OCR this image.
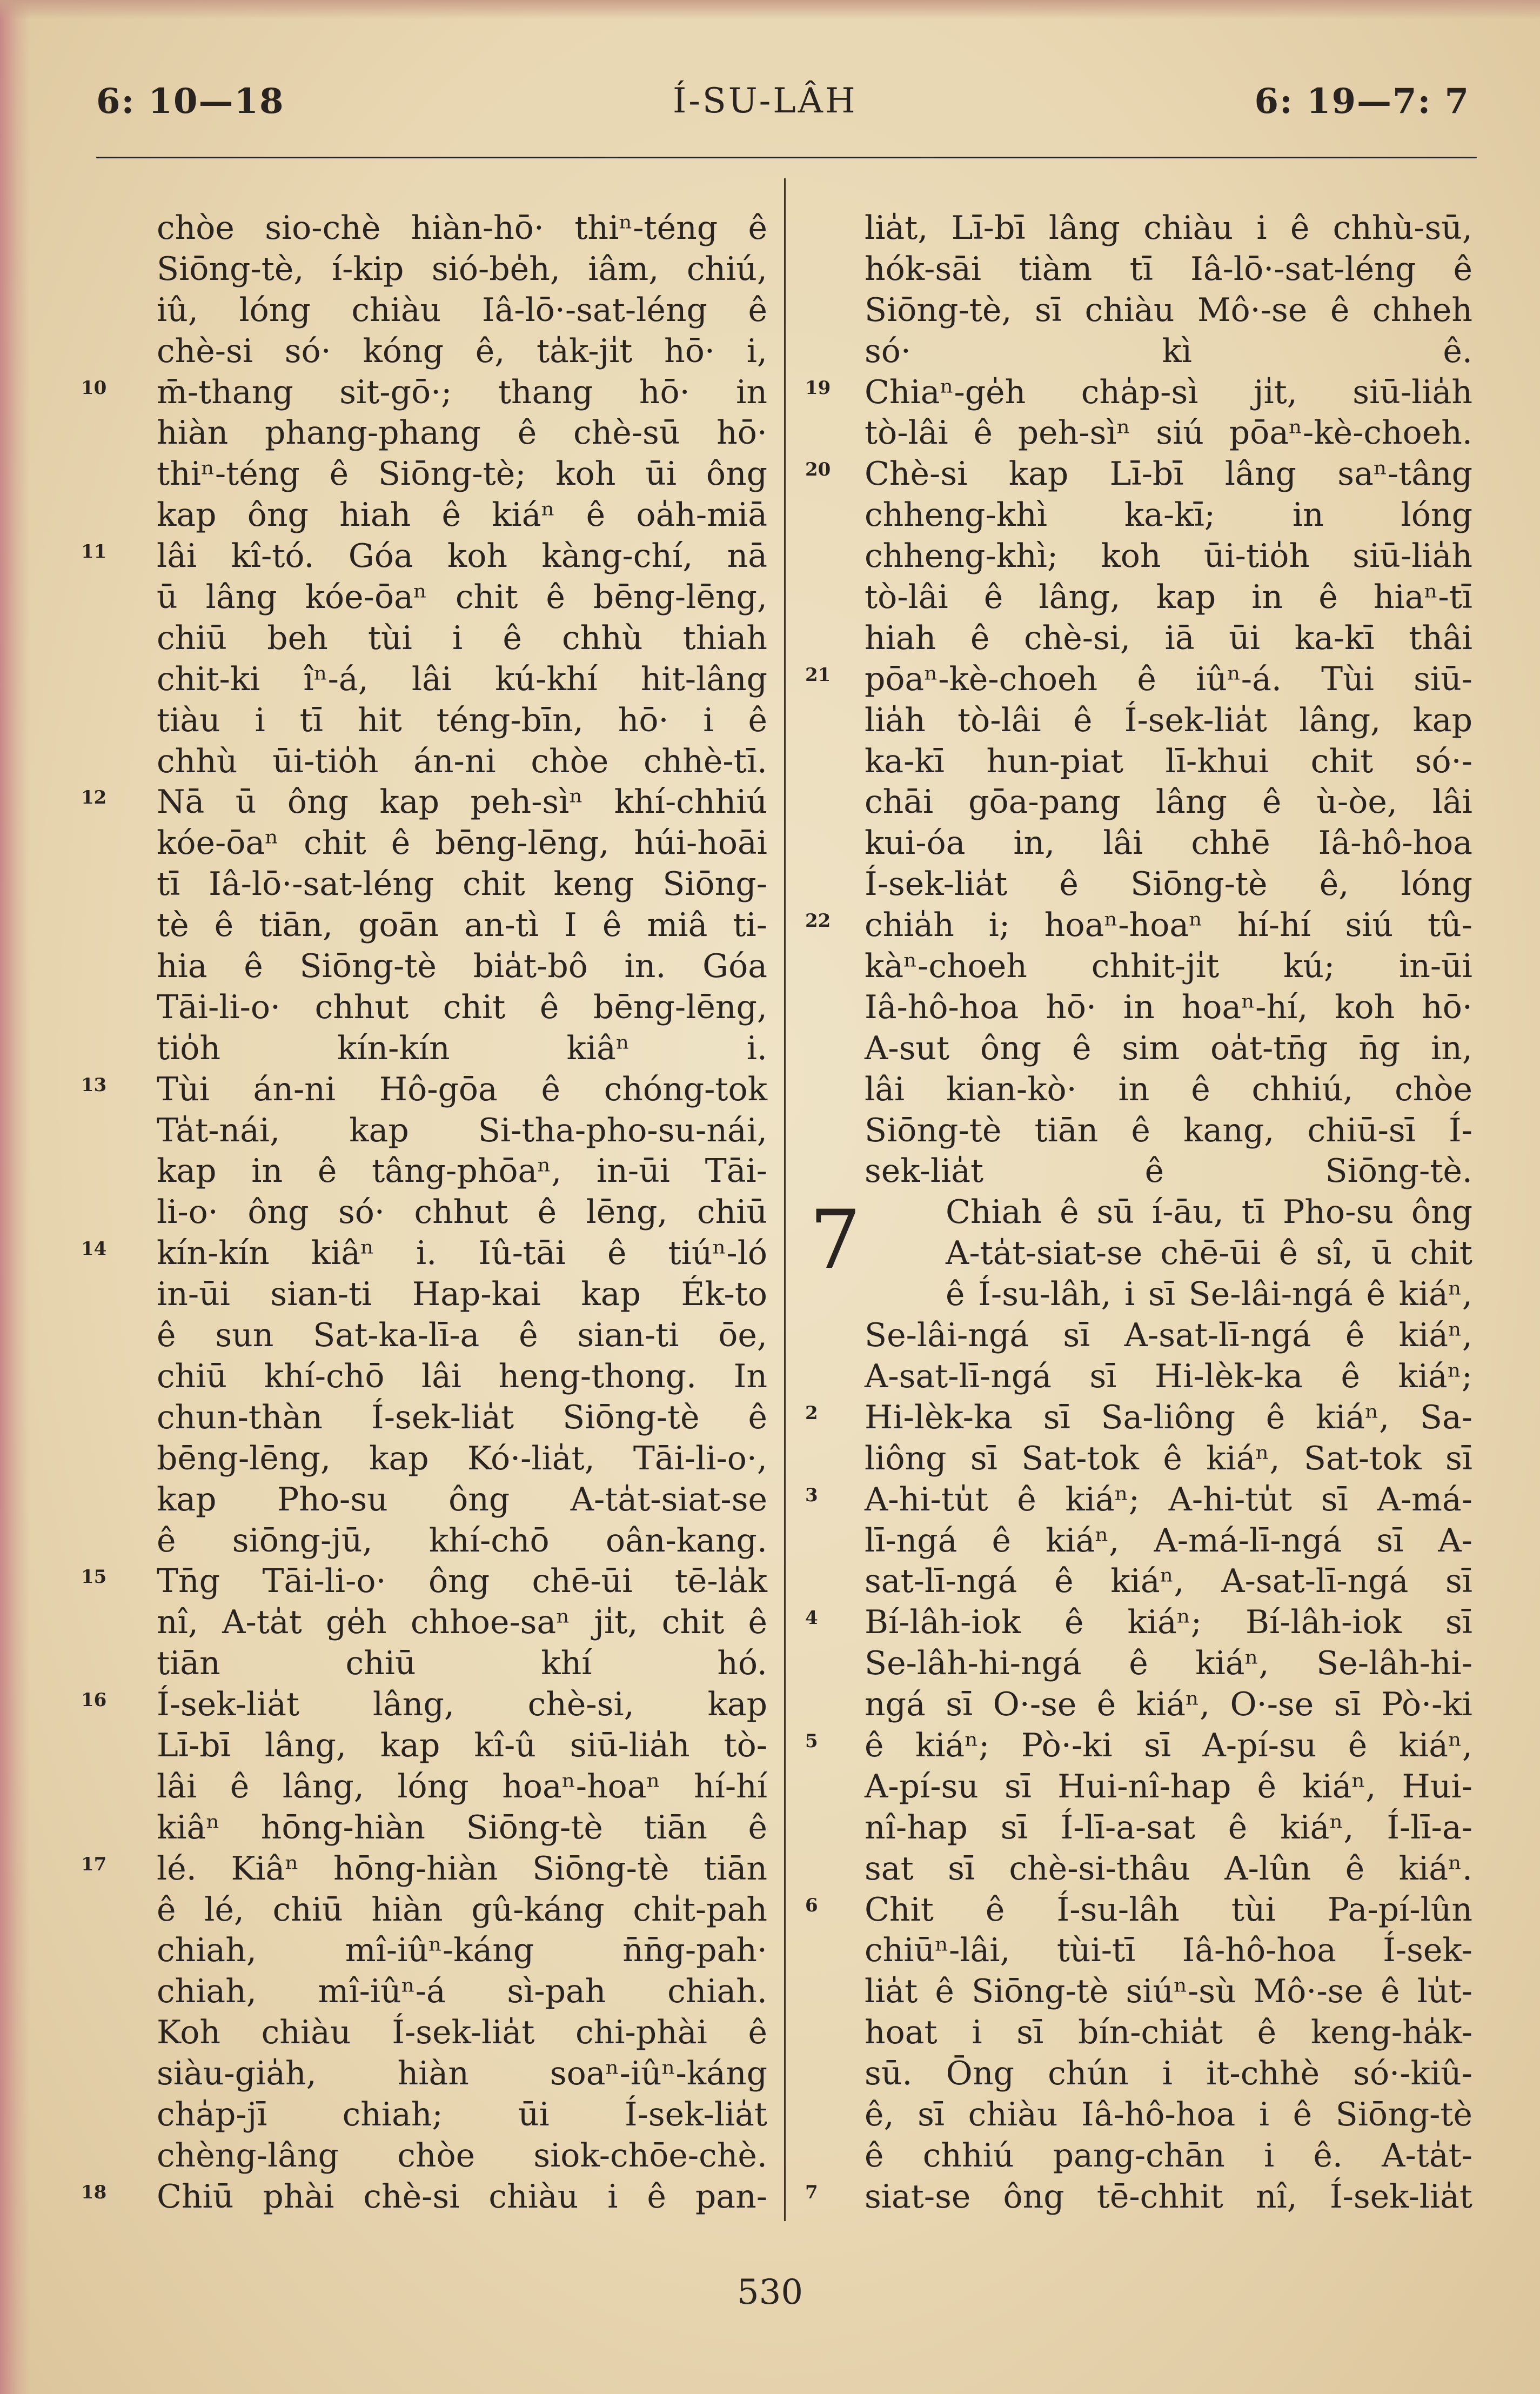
6: 10—18	Í-SU-LÂH	6: 19—7: 7
chòe sio-chè hiàn-hō· thiⁿ-téng ê
Siōng-tè, í-kip sió-be̍h, iâm, chiú,
iû, lóng chiàu Iâ-lō·-sat-léng ê
chè-si só· kóng ê, ta̍k-ji̍t hō· i,
10 m̄-thang sit-gō·; thang hō· in
hiàn phang-phang ê chè-sū hō·
thiⁿ-téng ê Siōng-tè; koh ūi ông
kap ông hiah ê kiáⁿ ê oa̍h-miā
11 lâi kî-tó. Góa koh kàng-chí, nā
ū lâng kóe-ōaⁿ chit ê bēng-lēng,
chiū beh tùi i ê chhù thiah
chit-ki îⁿ-á, lâi kú-khí hit-lâng
tiàu i tī hit téng-bīn, hō· i ê
chhù ūi-tio̍h án-ni chòe chhè-tī.
12 Nā ū ông kap peh-sìⁿ khí-chhiú
kóe-ōaⁿ chit ê bēng-lēng, húi-hoāi
tī Iâ-lō·-sat-léng chit keng Siōng-
tè ê tiān, goān an-tì I ê miâ ti-
hia ê Siōng-tè bia̍t-bô in. Góa
Tāi-li-o· chhut chit ê bēng-lēng,
tio̍h kín-kín kiâⁿ i.
13 Tùi án-ni Hô-gōa ê chóng-tok
Ta̍t-nái, kap Si-tha-pho-su-nái,
kap in ê tâng-phōaⁿ, in-ūi Tāi-
li-o· ông só· chhut ê lēng, chiū
14 kín-kín kiâⁿ i. Iû-tāi ê tiúⁿ-ló
in-ūi sian-ti Hap-kai kap Ék-to
ê sun Sat-ka-lī-a ê sian-ti ōe,
chiū khí-chō lâi heng-thong. In
chun-thàn Í-sek-lia̍t Siōng-tè ê
bēng-lēng, kap Kó·-lia̍t, Tāi-li-o·,
kap Pho-su ông A-ta̍t-siat-se
ê siōng-jū, khí-chō oân-kang.
15 Tn̄g Tāi-li-o· ông chē-ūi tē-la̍k
nî, A-ta̍t ge̍h chhoe-saⁿ ji̍t, chit ê
tiān chiū khí hó.
16 Í-sek-lia̍t lâng, chè-si, kap
Lī-bī lâng, kap kî-û siū-lia̍h tò-
lâi ê lâng, lóng hoaⁿ-hoaⁿ hí-hí
kiâⁿ hōng-hiàn Siōng-tè tiān ê
17 lé. Kiâⁿ hōng-hiàn Siōng-tè tiān
ê lé, chiū hiàn gû-káng chi̍t-pah
chiah, mî-iûⁿ-káng n̄n̄g-pah·
chiah, mî-iûⁿ-á sì-pah chiah.
Koh chiàu Í-sek-lia̍t chi-phài ê
siàu-gia̍h, hiàn soaⁿ-iûⁿ-káng
cha̍p-jī chiah; ūi Í-sek-lia̍t
chèng-lâng chòe siok-chōe-chè.
18 Chiū phài chè-si chiàu i ê pan-
lia̍t, Lī-bī lâng chiàu i ê chhù-sū,
hók-sāi tiàm tī Iâ-lō·-sat-léng ê
Siōng-tè, sī chiàu Mô·-se ê chheh
só· kì ê.
19 Chiaⁿ-ge̍h cha̍p-sì ji̍t, siū-lia̍h
tò-lâi ê peh-sìⁿ siú pōaⁿ-kè-choeh.
20 Chè-si kap Lī-bī lâng saⁿ-tâng
chheng-khì ka-kī; in lóng
chheng-khì; koh ūi-tio̍h siū-lia̍h
tò-lâi ê lâng, kap in ê hiaⁿ-tī
hiah ê chè-si, iā ūi ka-kī thâi
21 pōaⁿ-kè-choeh ê iûⁿ-á. Tùi siū-
lia̍h tò-lâi ê Í-sek-lia̍t lâng, kap
ka-kī hun-piat lī-khui chit só·-
chāi gōa-pang lâng ê ù-òe, lâi
kui-óa in, lâi chhē Iâ-hô-hoa
Í-sek-lia̍t ê Siōng-tè ê, lóng
22 chia̍h i; hoaⁿ-hoaⁿ hí-hí siú tû-
kàⁿ-choeh chhit-ji̍t kú; in-ūi
Iâ-hô-hoa hō· in hoaⁿ-hí, koh hō·
A-sut ông ê sim oa̍t-tn̄g n̄g in,
lâi kian-kò· in ê chhiú, chòe
Siōng-tè tiān ê kang, chiū-sī Í-
sek-lia̍t ê Siōng-tè.
Chiah ê sū í-āu, tī Pho-su ông
A-ta̍t-siat-se chē-ūi ê sî, ū chit
ê Í-su-lâh, i sī Se-lâi-ngá ê kiáⁿ,
Se-lâi-ngá sī A-sat-lī-ngá ê kiáⁿ,
A-sat-lī-ngá sī Hi-lèk-ka ê kiáⁿ;
2 Hi-lèk-ka sī Sa-liông ê kiáⁿ, Sa-
liông sī Sat-tok ê kiáⁿ, Sat-tok sī
3 A-hi-tu̍t ê kiáⁿ; A-hi-tu̍t sī A-má-
lī-ngá ê kiáⁿ, A-má-lī-ngá sī A-
sat-lī-ngá ê kiáⁿ, A-sat-lī-ngá sī
4 Bí-lâh-iok ê kiáⁿ; Bí-lâh-iok sī
Se-lâh-hi-ngá ê kiáⁿ, Se-lâh-hi-
ngá sī O·-se ê kiáⁿ, O·-se sī Pò·-ki
5 ê kiáⁿ; Pò·-ki sī A-pí-su ê kiáⁿ,
A-pí-su sī Hui-nî-hap ê kiáⁿ, Hui-
nî-hap sī Í-lī-a-sat ê kiáⁿ, Í-lī-a-
sat sī chè-si-thâu A-lûn ê kiáⁿ.
6 Chit ê Í-su-lâh tùi Pa-pí-lûn
chiūⁿ-lâi, tùi-tī Iâ-hô-hoa Í-sek-
lia̍t ê Siōng-tè siúⁿ-sù Mô·-se ê lu̍t-
hoat i sī bín-chia̍t ê keng-ha̍k-
sū. Ōng chún i it-chhè só·-kiû-
ê, sī chiàu Iâ-hô-hoa i ê Siōng-tè
ê chhiú pang-chān i ê. A-ta̍t-
7 siat-se ông tē-chhit nî, Í-sek-lia̍t
7
530
